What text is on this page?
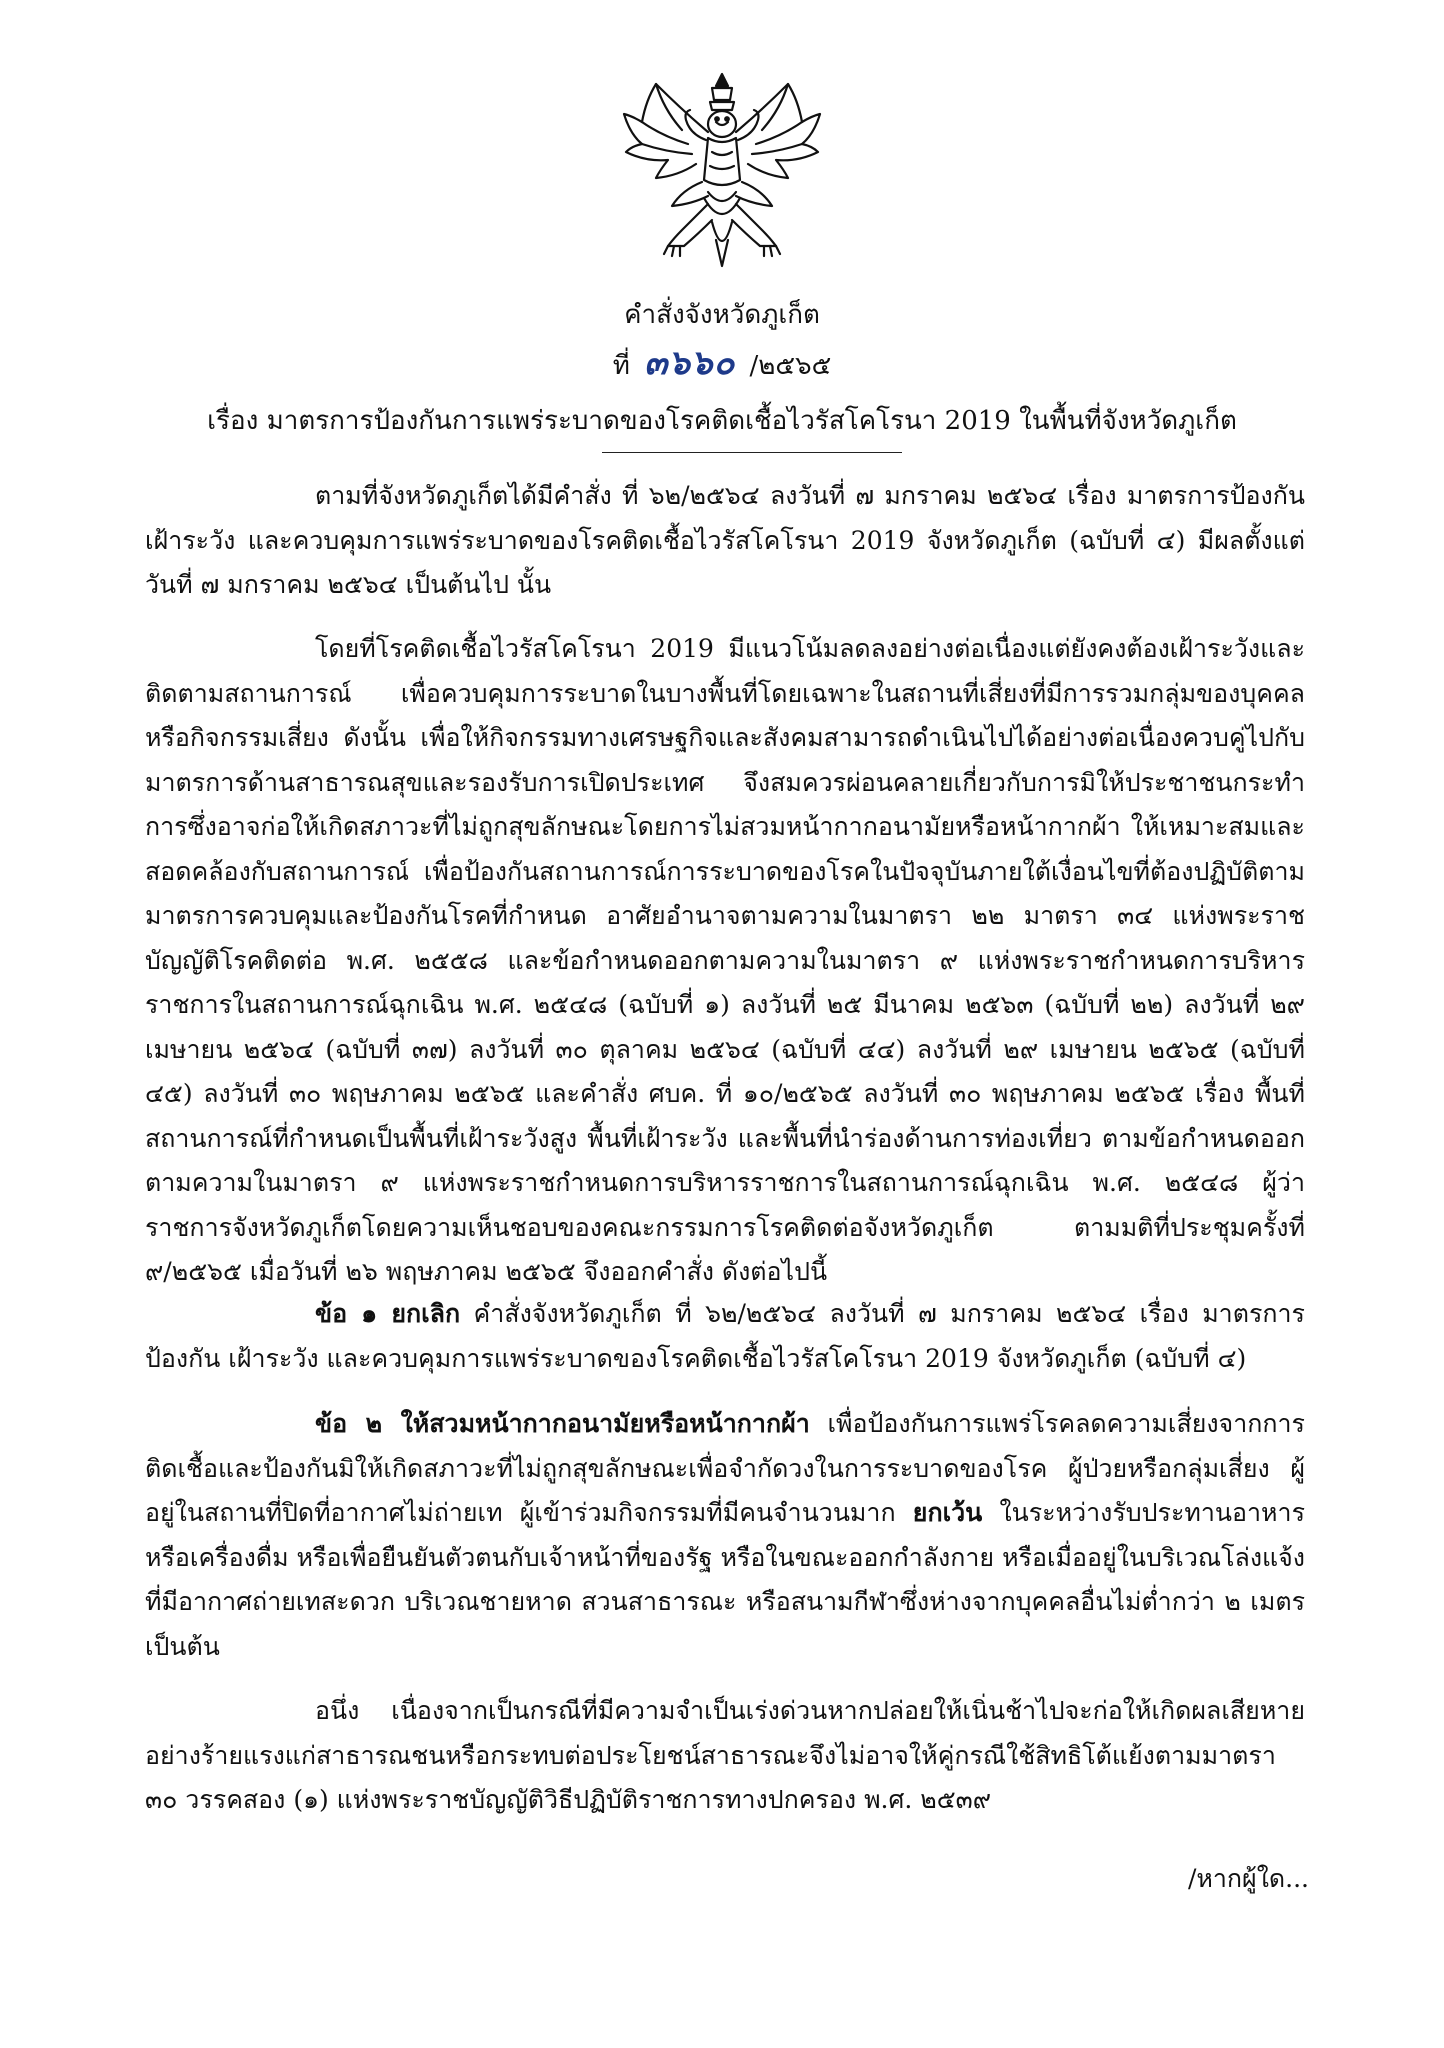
คำสั่งจังหวัดภูเก็ต
ที่ ๓๖๖๐ /๒๕๖๕
เรื่อง มาตรการป้องกันการแพร่ระบาดของโรคติดเชื้อไวรัสโคโรนา 2019 ในพื้นที่จังหวัดภูเก็ต

ตามที่จังหวัดภูเก็ตได้มีคำสั่ง ที่ ๖๒/๒๕๖๔ ลงวันที่ ๗ มกราคม ๒๕๖๔ เรื่อง มาตรการป้องกัน เฝ้าระวัง และควบคุมการแพร่ระบาดของโรคติดเชื้อไวรัสโคโรนา 2019 จังหวัดภูเก็ต (ฉบับที่ ๔) มีผลตั้งแต่วันที่ ๗ มกราคม ๒๕๖๔ เป็นต้นไป นั้น

โดยที่โรคติดเชื้อไวรัสโคโรนา 2019 มีแนวโน้มลดลงอย่างต่อเนื่องแต่ยังคงต้องเฝ้าระวังและติดตามสถานการณ์ เพื่อควบคุมการระบาดในบางพื้นที่โดยเฉพาะในสถานที่เสี่ยงที่มีการรวมกลุ่มของบุคคลหรือกิจกรรมเสี่ยง ดังนั้น เพื่อให้กิจกรรมทางเศรษฐกิจและสังคมสามารถดำเนินไปได้อย่างต่อเนื่องควบคู่ไปกับมาตรการด้านสาธารณสุขและรองรับการเปิดประเทศ จึงสมควรผ่อนคลายเกี่ยวกับการมิให้ประชาชนกระทำการซึ่งอาจก่อให้เกิดสภาวะที่ไม่ถูกสุขลักษณะโดยการไม่สวมหน้ากากอนามัยหรือหน้ากากผ้า ให้เหมาะสมและสอดคล้องกับสถานการณ์ เพื่อป้องกันสถานการณ์การระบาดของโรคในปัจจุบันภายใต้เงื่อนไขที่ต้องปฏิบัติตามมาตรการควบคุมและป้องกันโรคที่กำหนด อาศัยอำนาจตามความในมาตรา ๒๒ มาตรา ๓๔ แห่งพระราชบัญญัติโรคติดต่อ พ.ศ. ๒๕๕๘ และข้อกำหนดออกตามความในมาตรา ๙ แห่งพระราชกำหนดการบริหารราชการในสถานการณ์ฉุกเฉิน พ.ศ. ๒๕๔๘ (ฉบับที่ ๑) ลงวันที่ ๒๕ มีนาคม ๒๕๖๓ (ฉบับที่ ๒๒) ลงวันที่ ๒๙ เมษายน ๒๕๖๔ (ฉบับที่ ๓๗) ลงวันที่ ๓๐ ตุลาคม ๒๕๖๔ (ฉบับที่ ๔๔) ลงวันที่ ๒๙ เมษายน ๒๕๖๕ (ฉบับที่ ๔๕) ลงวันที่ ๓๐ พฤษภาคม ๒๕๖๕ และคำสั่ง ศบค. ที่ ๑๐/๒๕๖๕ ลงวันที่ ๓๐ พฤษภาคม ๒๕๖๕ เรื่อง พื้นที่สถานการณ์ที่กำหนดเป็นพื้นที่เฝ้าระวังสูง พื้นที่เฝ้าระวัง และพื้นที่นำร่องด้านการท่องเที่ยว ตามข้อกำหนดออกตามความในมาตรา ๙ แห่งพระราชกำหนดการบริหารราชการในสถานการณ์ฉุกเฉิน พ.ศ. ๒๕๔๘ ผู้ว่าราชการจังหวัดภูเก็ตโดยความเห็นชอบของคณะกรรมการโรคติดต่อจังหวัดภูเก็ต ตามมติที่ประชุมครั้งที่ ๙/๒๕๖๕ เมื่อวันที่ ๒๖ พฤษภาคม ๒๕๖๕ จึงออกคำสั่ง ดังต่อไปนี้

ข้อ ๑ ยกเลิก คำสั่งจังหวัดภูเก็ต ที่ ๖๒/๒๕๖๔ ลงวันที่ ๗ มกราคม ๒๕๖๔ เรื่อง มาตรการป้องกัน เฝ้าระวัง และควบคุมการแพร่ระบาดของโรคติดเชื้อไวรัสโคโรนา 2019 จังหวัดภูเก็ต (ฉบับที่ ๔)

ข้อ ๒ ให้สวมหน้ากากอนามัยหรือหน้ากากผ้า เพื่อป้องกันการแพร่โรคลดความเสี่ยงจากการติดเชื้อและป้องกันมิให้เกิดสภาวะที่ไม่ถูกสุขลักษณะเพื่อจำกัดวงในการระบาดของโรค ผู้ป่วยหรือกลุ่มเสี่ยง ผู้อยู่ในสถานที่ปิดที่อากาศไม่ถ่ายเท ผู้เข้าร่วมกิจกรรมที่มีคนจำนวนมาก ยกเว้น ในระหว่างรับประทานอาหารหรือเครื่องดื่ม หรือเพื่อยืนยันตัวตนกับเจ้าหน้าที่ของรัฐ หรือในขณะออกกำลังกาย หรือเมื่ออยู่ในบริเวณโล่งแจ้งที่มีอากาศถ่ายเทสะดวก บริเวณชายหาด สวนสาธารณะ หรือสนามกีฬาซึ่งห่างจากบุคคลอื่นไม่ต่ำกว่า ๒ เมตร เป็นต้น

อนึ่ง เนื่องจากเป็นกรณีที่มีความจำเป็นเร่งด่วนหากปล่อยให้เนิ่นช้าไปจะก่อให้เกิดผลเสียหายอย่างร้ายแรงแก่สาธารณชนหรือกระทบต่อประโยชน์สาธารณะจึงไม่อาจให้คู่กรณีใช้สิทธิโต้แย้งตามมาตรา ๓๐ วรรคสอง (๑) แห่งพระราชบัญญัติวิธีปฏิบัติราชการทางปกครอง พ.ศ. ๒๕๓๙

/หากผู้ใด...
